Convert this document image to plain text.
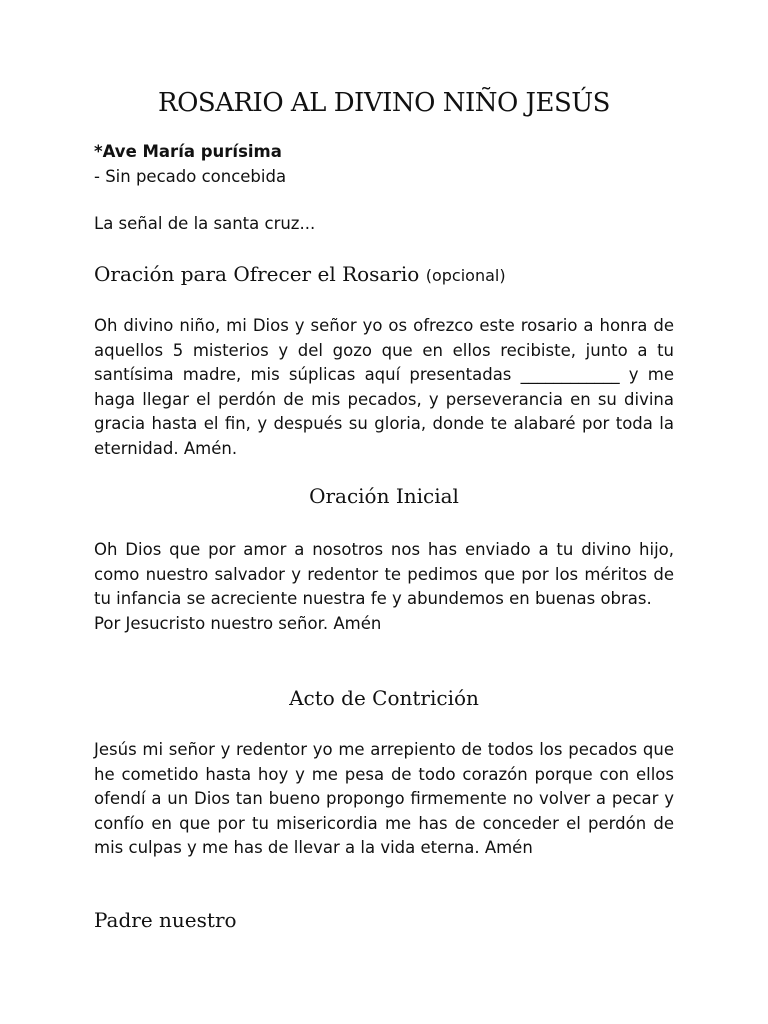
ROSARIO AL DIVINO NIÑO JESÚS

*Ave María purísima

- Sin pecado concebida

La señal de la santa cruz...

Oración para Ofrecer el Rosario (opcional)

Oh divino niño, mi Dios y señor yo os ofrezco este rosario a honra de aquellos 5 misterios y del gozo que en ellos recibiste, junto a tu santísima madre, mis súplicas aquí presentadas ____________ y me haga llegar el perdón de mis pecados, y perseverancia en su divina gracia hasta el fin, y después su gloria, donde te alabaré por toda la eternidad. Amén.

Oración Inicial

Oh Dios que por amor a nosotros nos has enviado a tu divino hijo, como nuestro salvador y redentor te pedimos que por los méritos de tu infancia se acreciente nuestra fe y abundemos en buenas obras.

Por Jesucristo nuestro señor. Amén

Acto de Contrición

Jesús mi señor y redentor yo me arrepiento de todos los pecados que he cometido hasta hoy y me pesa de todo corazón porque con ellos ofendí a un Dios tan bueno propongo firmemente no volver a pecar y confío en que por tu misericordia me has de conceder el perdón de mis culpas y me has de llevar a la vida eterna. Amén

Padre nuestro
